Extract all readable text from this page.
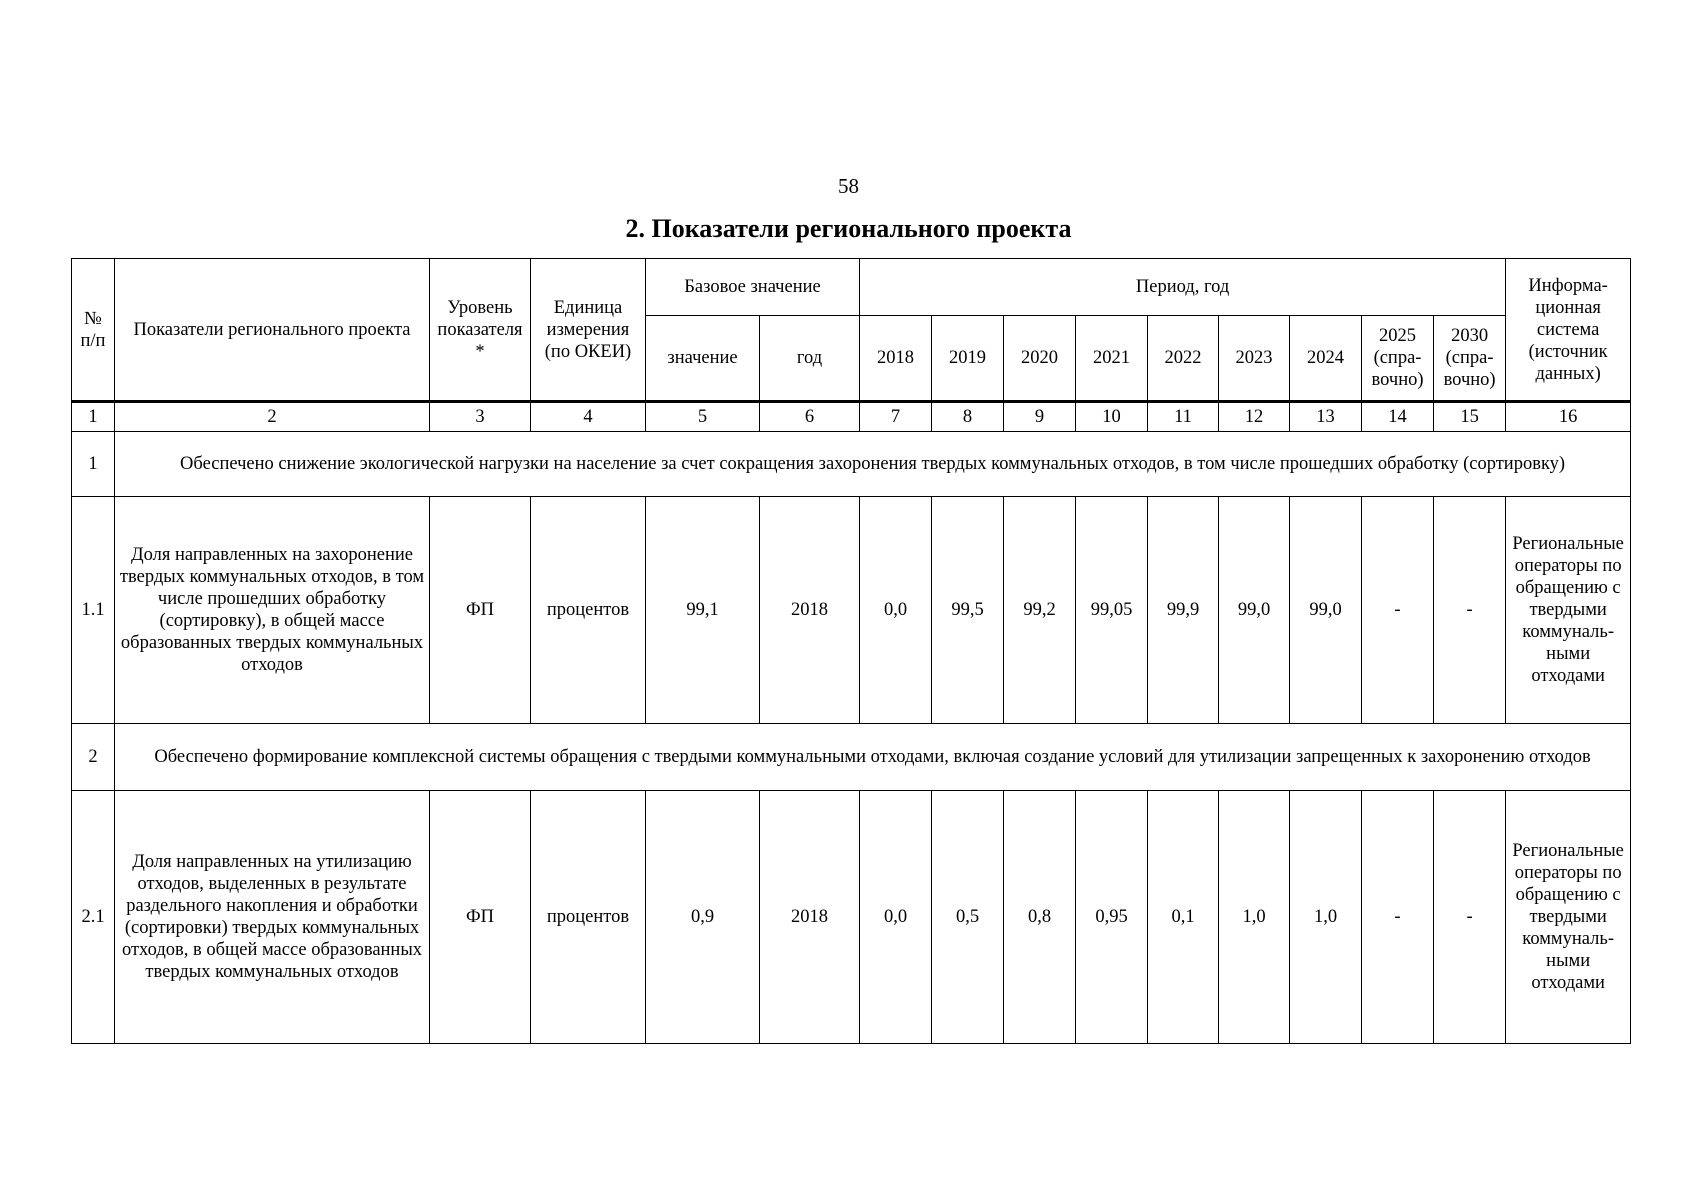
58
2. Показатели регионального проекта
№ п/п	Показатели регионального проекта	Уровень показателя *	Единица измерения (по ОКЕИ)	Базовое значение		Период, год									Информа-ционная система (источник данных)
				значение	год	2018	2019	2020	2021	2022	2023	2024	2025 (спра-вочно)	2030 (спра-вочно)	
1	2	3	4	5	6	7	8	9	10	11	12	13	14	15	16
1	Обеспечено снижение экологической нагрузки на население за счет сокращения захоронения твердых коммунальных отходов, в том числе прошедших обработку (сортировку)														
1.1	Доля направленных на захоронение твердых коммунальных отходов, в том числе прошедших обработку (сортировку), в общей массе образованных твердых коммунальных отходов	ФП	процентов	99,1	2018	0,0	99,5	99,2	99,05	99,9	99,0	99,0	-	-	Региональные операторы по обращению с твердыми коммуналь-ными отходами
2	Обеспечено формирование комплексной системы обращения с твердыми коммунальными отходами, включая создание условий для утилизации запрещенных к захоронению отходов														
2.1	Доля направленных на утилизацию отходов, выделенных в результате раздельного накопления и обработки (сортировки) твердых коммунальных отходов, в общей массе образованных твердых коммунальных отходов	ФП	процентов	0,9	2018	0,0	0,5	0,8	0,95	0,1	1,0	1,0	-	-	Региональные операторы по обращению с твердыми коммуналь-ными отходами
